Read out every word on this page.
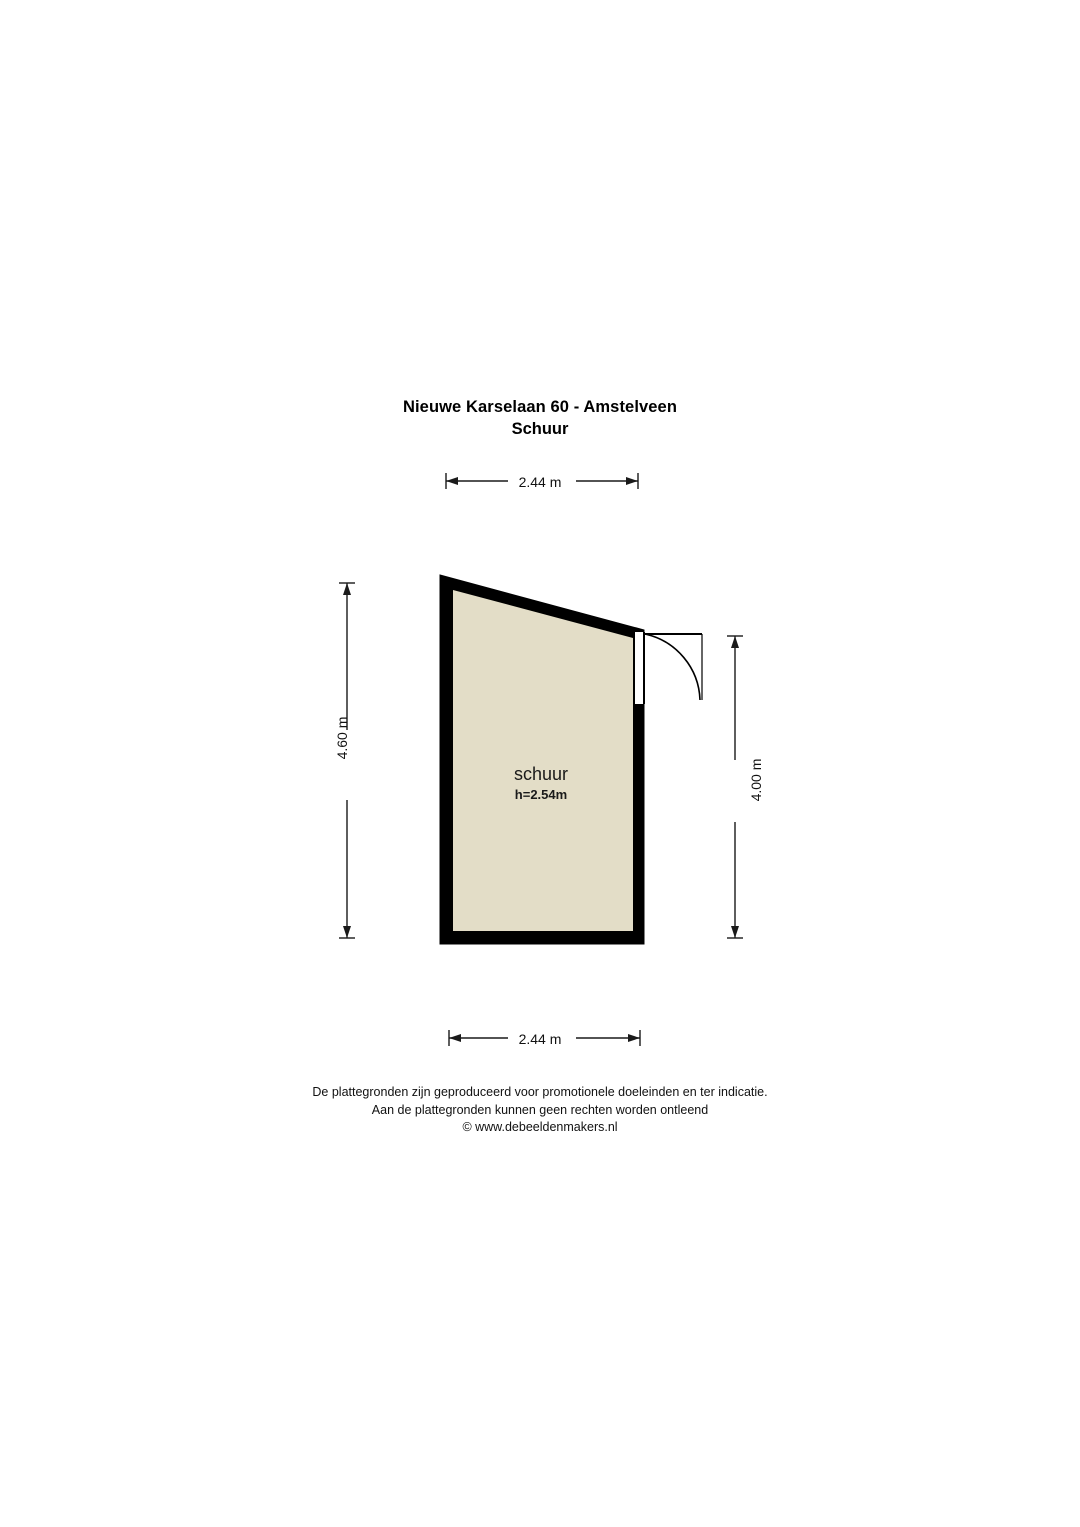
Nieuwe Karselaan 60 - Amstelveen
Schuur
2.44 m
2.44 m
4.60 m
4.00 m
schuur
h=2.54m
De plattegronden zijn geproduceerd voor promotionele doeleinden en ter indicatie.
Aan de plattegronden kunnen geen rechten worden ontleend
© www.debeeldenmakers.nl
